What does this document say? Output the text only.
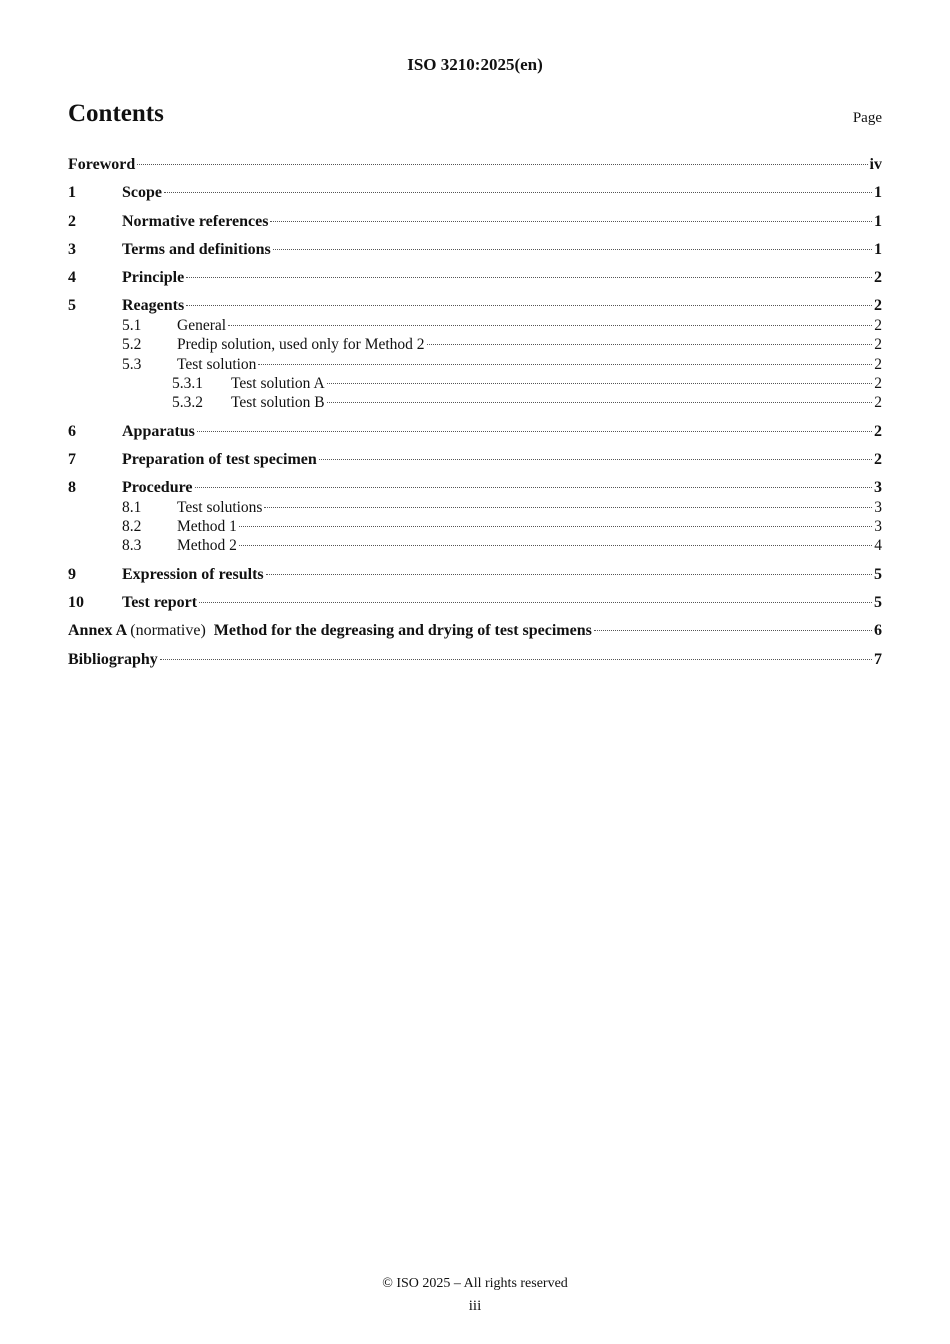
ISO 3210:2025(en)
Contents	Page
Foreword	iv
1	Scope	1
2	Normative references	1
3	Terms and definitions	1
4	Principle	2
5	Reagents	2
5.1	General	2
5.2	Predip solution, used only for Method 2	2
5.3	Test solution	2
5.3.1	Test solution A	2
5.3.2	Test solution B	2
6	Apparatus	2
7	Preparation of test specimen	2
8	Procedure	3
8.1	Test solutions	3
8.2	Method 1	3
8.3	Method 2	4
9	Expression of results	5
10	Test report	5
Annex A (normative) Method for the degreasing and drying of test specimens	6
Bibliography	7
© ISO 2025 – All rights reserved
iii
